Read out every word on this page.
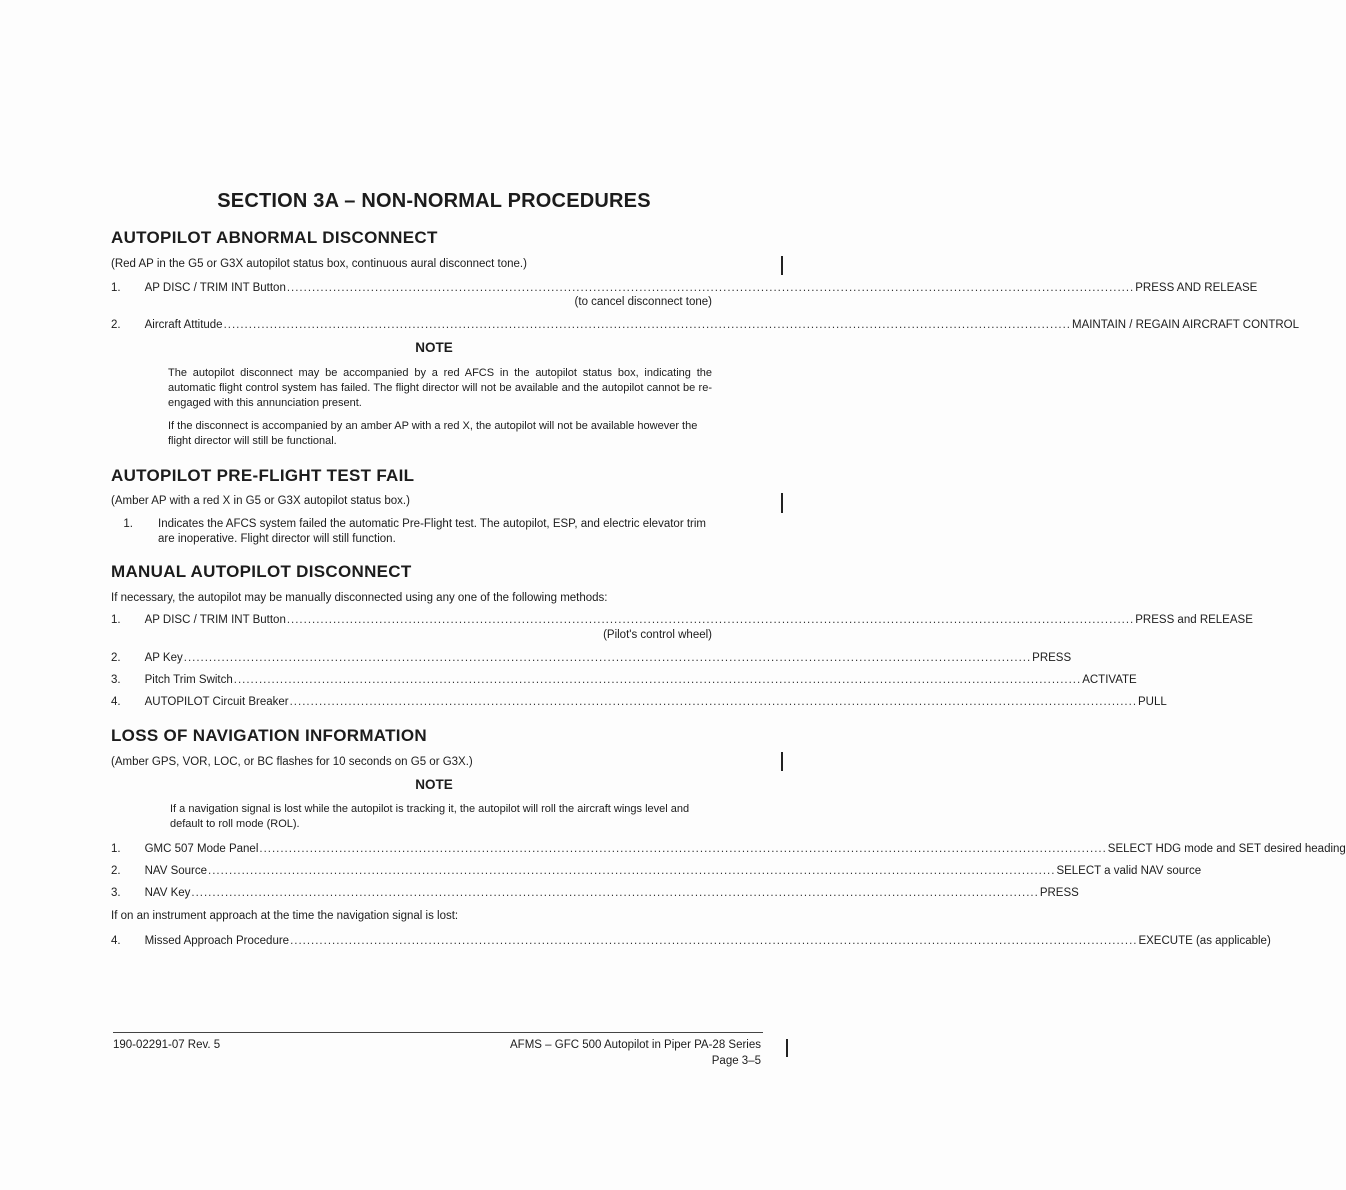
SECTION 3A – NON-NORMAL PROCEDURES
AUTOPILOT ABNORMAL DISCONNECT
(Red AP in the G5 or G3X autopilot status box, continuous aural disconnect tone.)
1. AP DISC / TRIM INT Button .......................................................................................................................................................................................................... PRESS AND RELEASE
(to cancel disconnect tone)
2. Aircraft Attitude .......................................................................................................................................................................................................... MAINTAIN / REGAIN AIRCRAFT CONTROL
NOTE
The autopilot disconnect may be accompanied by a red AFCS in the autopilot status box, indicating the automatic flight control system has failed. The flight director will not be available and the autopilot cannot be re-engaged with this annunciation present.
If the disconnect is accompanied by an amber AP with a red X, the autopilot will not be available however the flight director will still be functional.
AUTOPILOT PRE-FLIGHT TEST FAIL
(Amber AP with a red X in G5 or G3X autopilot status box.)
1. Indicates the AFCS system failed the automatic Pre-Flight test. The autopilot, ESP, and electric elevator trim are inoperative. Flight director will still function.
MANUAL AUTOPILOT DISCONNECT
If necessary, the autopilot may be manually disconnected using any one of the following methods:
1. AP DISC / TRIM INT Button .......................................................................................................................................................................................................... PRESS and RELEASE
(Pilot's control wheel)
2. AP Key .......................................................................................................................................................................................................... PRESS
3. Pitch Trim Switch .......................................................................................................................................................................................................... ACTIVATE
4. AUTOPILOT Circuit Breaker .......................................................................................................................................................................................................... PULL
LOSS OF NAVIGATION INFORMATION
(Amber GPS, VOR, LOC, or BC flashes for 10 seconds on G5 or G3X.)
NOTE
If a navigation signal is lost while the autopilot is tracking it, the autopilot will roll the aircraft wings level and default to roll mode (ROL).
1. GMC 507 Mode Panel .......................................................................................................................................................................................................... SELECT HDG mode and SET desired heading
2. NAV Source .......................................................................................................................................................................................................... SELECT a valid NAV source
3. NAV Key .......................................................................................................................................................................................................... PRESS
If on an instrument approach at the time the navigation signal is lost:
4. Missed Approach Procedure .......................................................................................................................................................................................................... EXECUTE (as applicable)
190-02291-07 Rev. 5	AFMS – GFC 500 Autopilot in Piper PA-28 Series
Page 3–5
